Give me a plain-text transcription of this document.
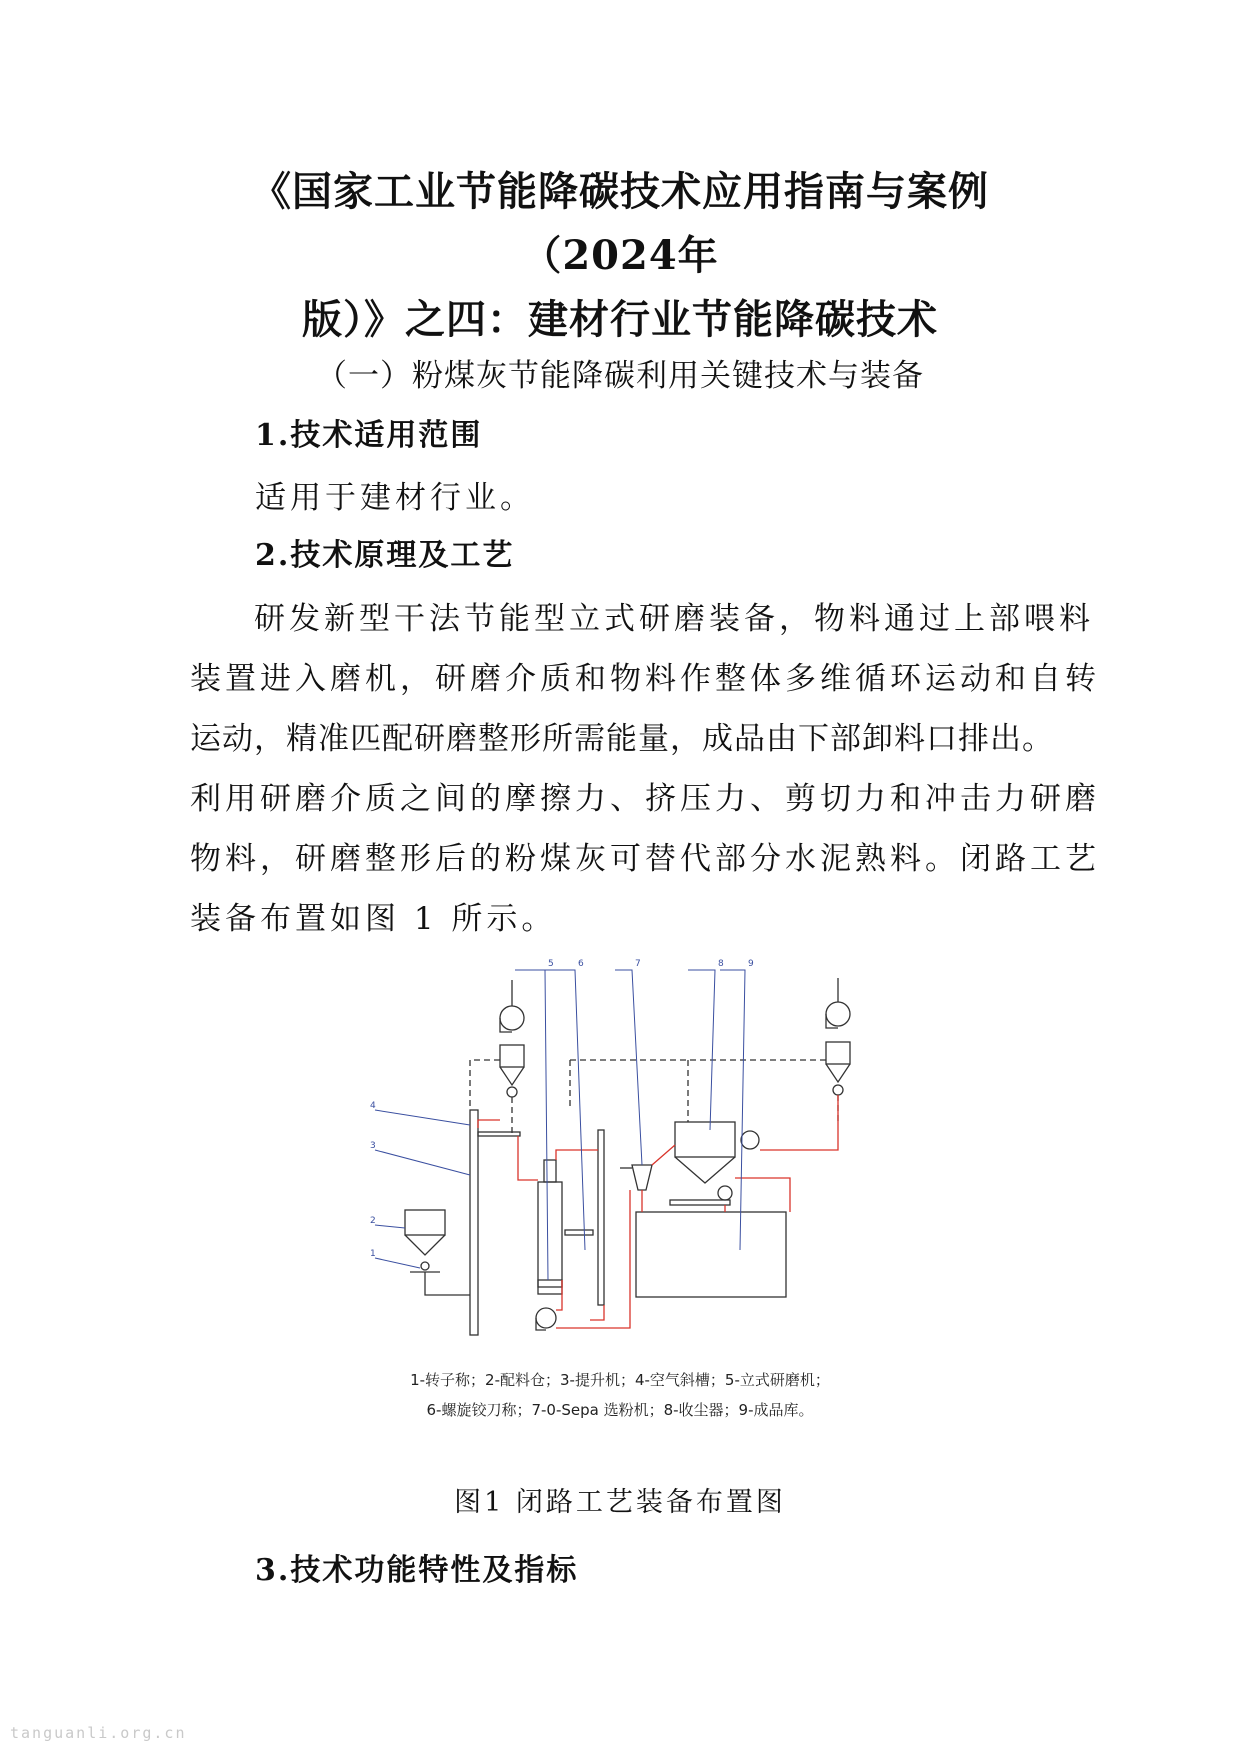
《国家工业节能降碳技术应用指南与案例（2024年
版）》之四：建材行业节能降碳技术
（一）粉煤灰节能降碳利用关键技术与装备
1.技术适用范围
适用于建材行业。
2.技术原理及工艺
研发新型干法节能型立式研磨装备，物料通过上部喂料
装置进入磨机，研磨介质和物料作整体多维循环运动和自转
运动，精准匹配研磨整形所需能量，成品由下部卸料口排出。
利用研磨介质之间的摩擦力、挤压力、剪切力和冲击力研磨
物料，研磨整形后的粉煤灰可替代部分水泥熟料。闭路工艺
装备布置如图 1 所示。
5	6	7	8	9
4
3
2
1
1-转子称；2-配料仓；3-提升机；4-空气斜槽；5-立式研磨机；
6-螺旋铰刀称；7-0-Sepa 选粉机；8-收尘器；9-成品库。
图1 闭路工艺装备布置图
3.技术功能特性及指标
tanguanli.org.cn
